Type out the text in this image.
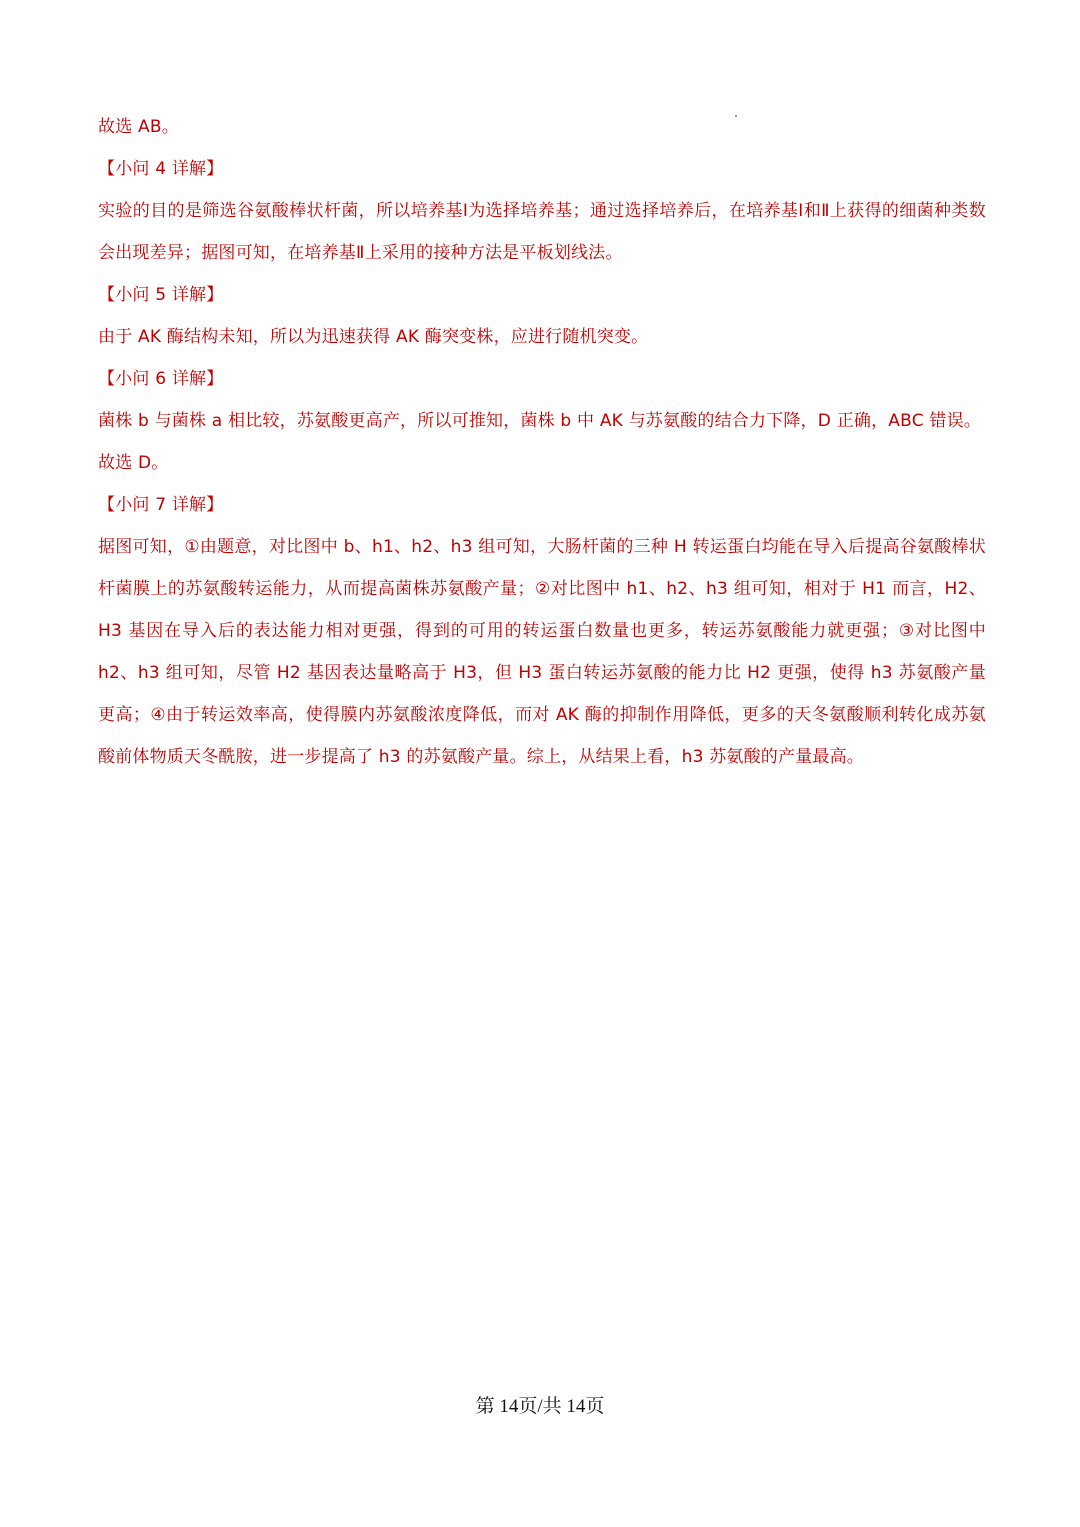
故选 AB。

【小问 4 详解】

实验的目的是筛选谷氨酸棒状杆菌，所以培养基Ⅰ为选择培养基；通过选择培养后，在培养基Ⅰ和Ⅱ上获得的细菌种类数会出现差异；据图可知，在培养基Ⅱ上采用的接种方法是平板划线法。

【小问 5 详解】

由于 AK 酶结构未知，所以为迅速获得 AK 酶突变株，应进行随机突变。

【小问 6 详解】

菌株 b 与菌株 a 相比较，苏氨酸更高产，所以可推知，菌株 b 中 AK 与苏氨酸的结合力下降，D 正确，ABC 错误。

故选 D。

【小问 7 详解】

据图可知，①由题意，对比图中 b、h1、h2、h3 组可知，大肠杆菌的三种 H 转运蛋白均能在导入后提高谷氨酸棒状杆菌膜上的苏氨酸转运能力，从而提高菌株苏氨酸产量；②对比图中 h1、h2、h3 组可知，相对于 H1 而言，H2、H3 基因在导入后的表达能力相对更强，得到的可用的转运蛋白数量也更多，转运苏氨酸能力就更强；③对比图中 h2、h3 组可知，尽管 H2 基因表达量略高于 H3，但 H3 蛋白转运苏氨酸的能力比 H2 更强，使得 h3 苏氨酸产量更高；④由于转运效率高，使得膜内苏氨酸浓度降低，而对 AK 酶的抑制作用降低，更多的天冬氨酸顺利转化成苏氨酸前体物质天冬酰胺，进一步提高了 h3 的苏氨酸产量。综上，从结果上看，h3 苏氨酸的产量最高。

第 14页/共 14页
